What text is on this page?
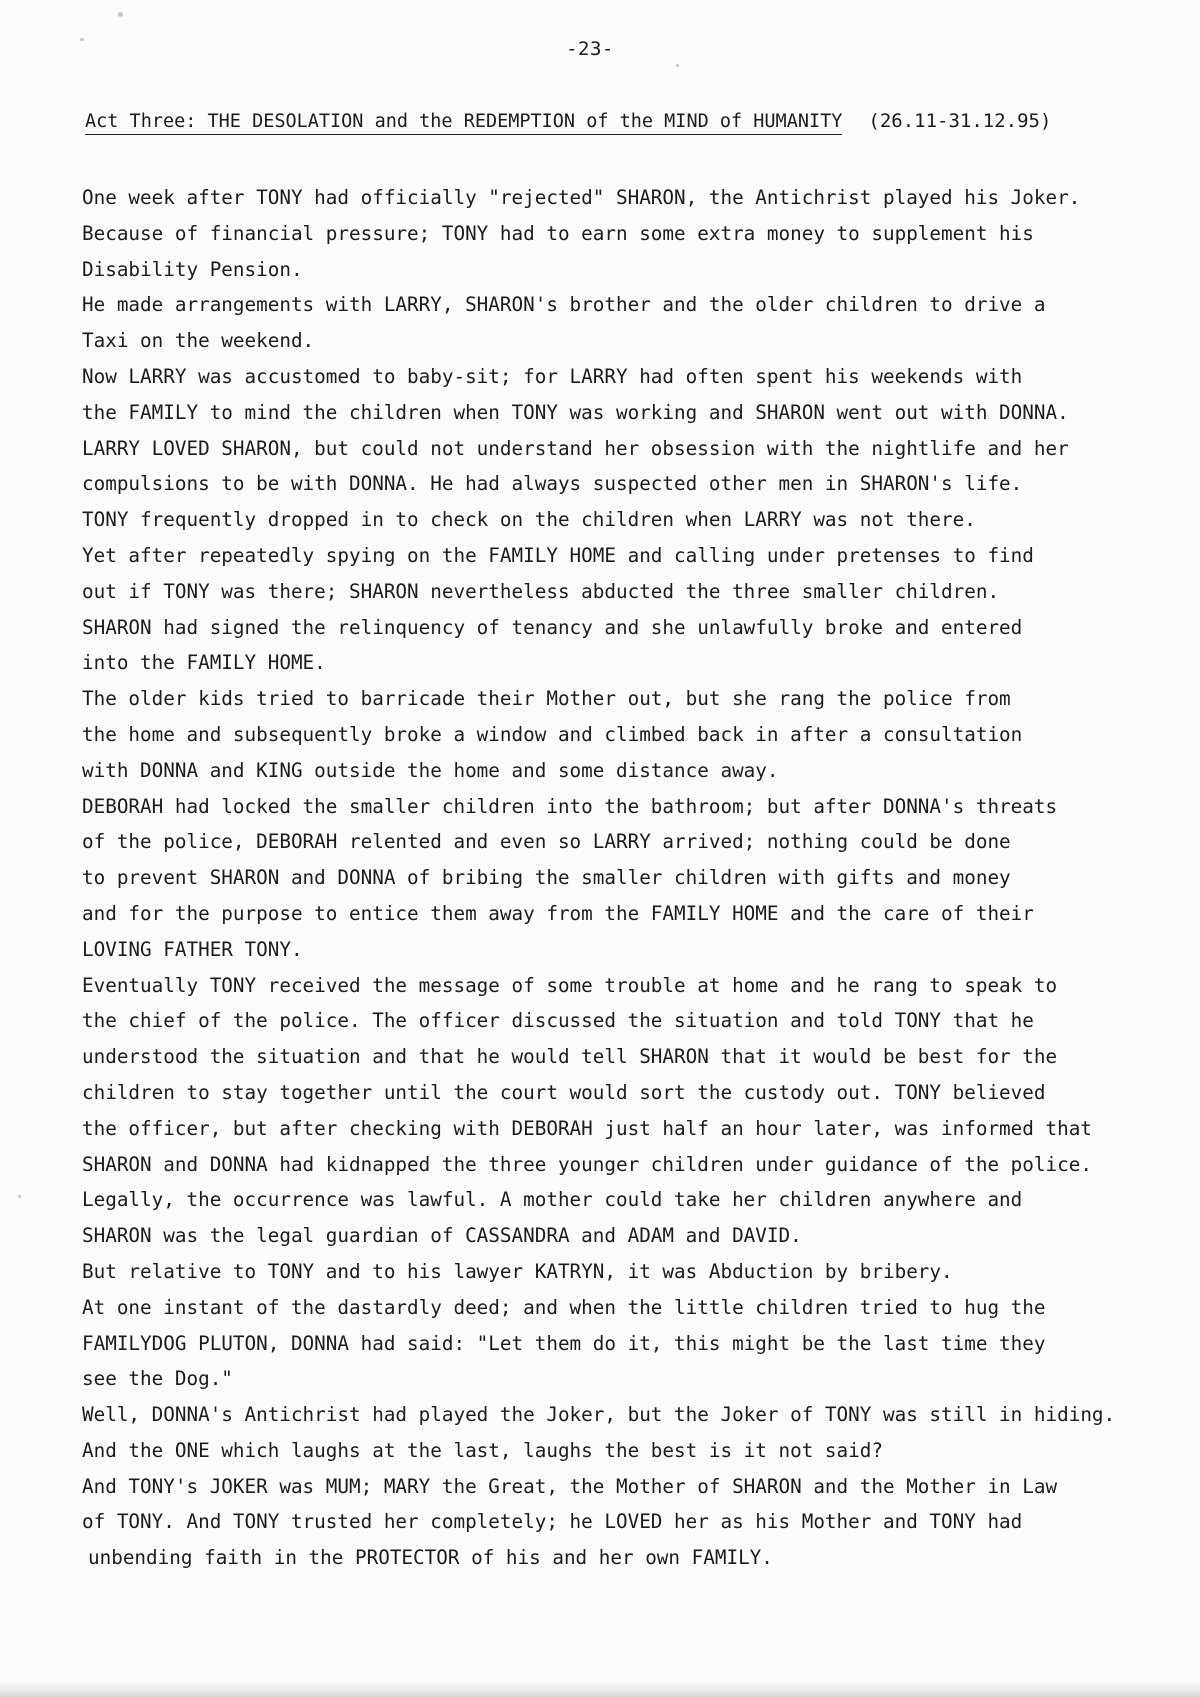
-23-
Act Three: THE DESOLATION and the REDEMPTION of the MIND of HUMANITY (26.11-31.12.95)
One week after TONY had officially "rejected" SHARON, the Antichrist played his Joker.
Because of financial pressure; TONY had to earn some extra money to supplement his
Disability Pension.
He made arrangements with LARRY, SHARON's brother and the older children to drive a
Taxi on the weekend.
Now LARRY was accustomed to baby-sit; for LARRY had often spent his weekends with
the FAMILY to mind the children when TONY was working and SHARON went out with DONNA.
LARRY LOVED SHARON, but could not understand her obsession with the nightlife and her
compulsions to be with DONNA. He had always suspected other men in SHARON's life.
TONY frequently dropped in to check on the children when LARRY was not there.
Yet after repeatedly spying on the FAMILY HOME and calling under pretenses to find
out if TONY was there; SHARON nevertheless abducted the three smaller children.
SHARON had signed the relinquency of tenancy and she unlawfully broke and entered
into the FAMILY HOME.
The older kids tried to barricade their Mother out, but she rang the police from
the home and subsequently broke a window and climbed back in after a consultation
with DONNA and KING outside the home and some distance away.
DEBORAH had locked the smaller children into the bathroom; but after DONNA's threats
of the police, DEBORAH relented and even so LARRY arrived; nothing could be done
to prevent SHARON and DONNA of bribing the smaller children with gifts and money
and for the purpose to entice them away from the FAMILY HOME and the care of their
LOVING FATHER TONY.
Eventually TONY received the message of some trouble at home and he rang to speak to
the chief of the police. The officer discussed the situation and told TONY that he
understood the situation and that he would tell SHARON that it would be best for the
children to stay together until the court would sort the custody out. TONY believed
the officer, but after checking with DEBORAH just half an hour later, was informed that
SHARON and DONNA had kidnapped the three younger children under guidance of the police.
Legally, the occurrence was lawful. A mother could take her children anywhere and
SHARON was the legal guardian of CASSANDRA and ADAM and DAVID.
But relative to TONY and to his lawyer KATRYN, it was Abduction by bribery.
At one instant of the dastardly deed; and when the little children tried to hug the
FAMILYDOG PLUTON, DONNA had said: "Let them do it, this might be the last time they
see the Dog."
Well, DONNA's Antichrist had played the Joker, but the Joker of TONY was still in hiding.
And the ONE which laughs at the last, laughs the best is it not said?
And TONY's JOKER was MUM; MARY the Great, the Mother of SHARON and the Mother in Law
of TONY. And TONY trusted her completely; he LOVED her as his Mother and TONY had
unbending faith in the PROTECTOR of his and her own FAMILY.
